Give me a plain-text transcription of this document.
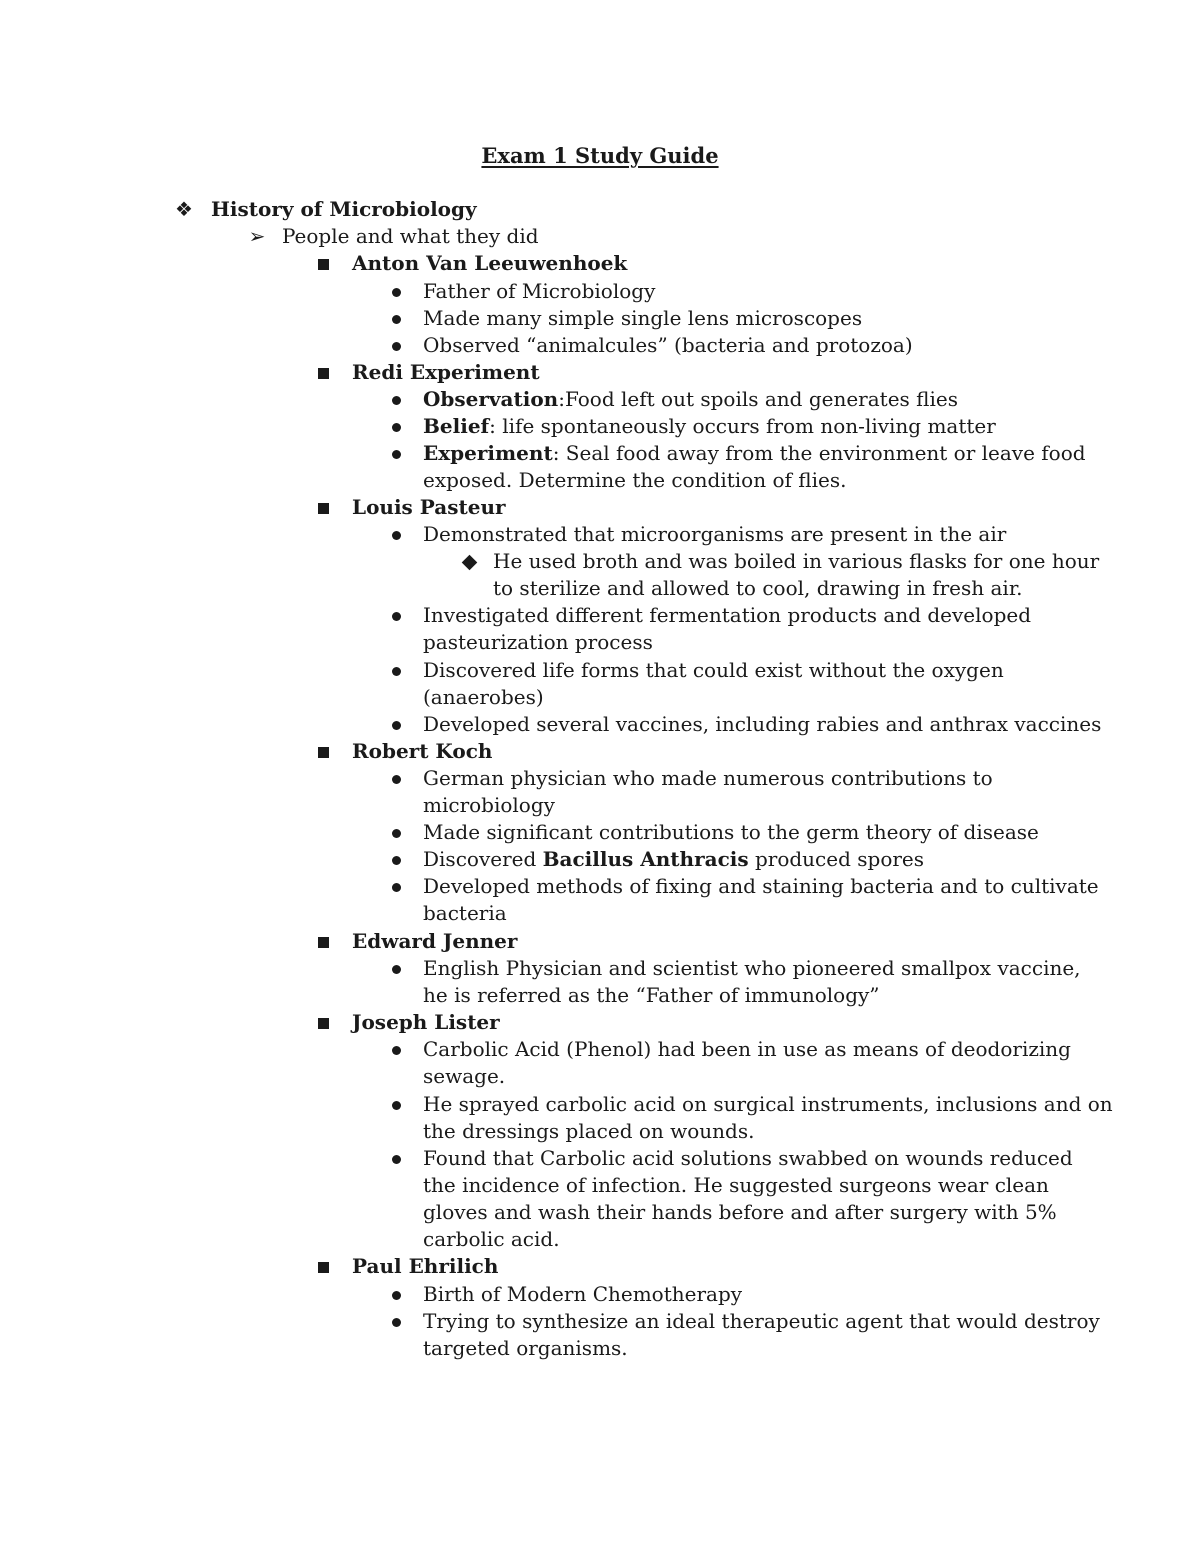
Exam 1 Study Guide
❖ History of Microbiology
➢ People and what they did
Anton Van Leeuwenhoek
Father of Microbiology
Made many simple single lens microscopes
Observed “animalcules” (bacteria and protozoa)
Redi Experiment
Observation:Food left out spoils and generates flies
Belief: life spontaneously occurs from non-living matter
Experiment: Seal food away from the environment or leave food
exposed. Determine the condition of flies.
Louis Pasteur
Demonstrated that microorganisms are present in the air
He used broth and was boiled in various flasks for one hour
to sterilize and allowed to cool, drawing in fresh air.
Investigated different fermentation products and developed
pasteurization process
Discovered life forms that could exist without the oxygen
(anaerobes)
Developed several vaccines, including rabies and anthrax vaccines
Robert Koch
German physician who made numerous contributions to
microbiology
Made significant contributions to the germ theory of disease
Discovered Bacillus Anthracis produced spores
Developed methods of fixing and staining bacteria and to cultivate
bacteria
Edward Jenner
English Physician and scientist who pioneered smallpox vaccine,
he is referred as the “Father of immunology”
Joseph Lister
Carbolic Acid (Phenol) had been in use as means of deodorizing
sewage.
He sprayed carbolic acid on surgical instruments, inclusions and on
the dressings placed on wounds.
Found that Carbolic acid solutions swabbed on wounds reduced
the incidence of infection. He suggested surgeons wear clean
gloves and wash their hands before and after surgery with 5%
carbolic acid.
Paul Ehrilich
Birth of Modern Chemotherapy
Trying to synthesize an ideal therapeutic agent that would destroy
targeted organisms.
